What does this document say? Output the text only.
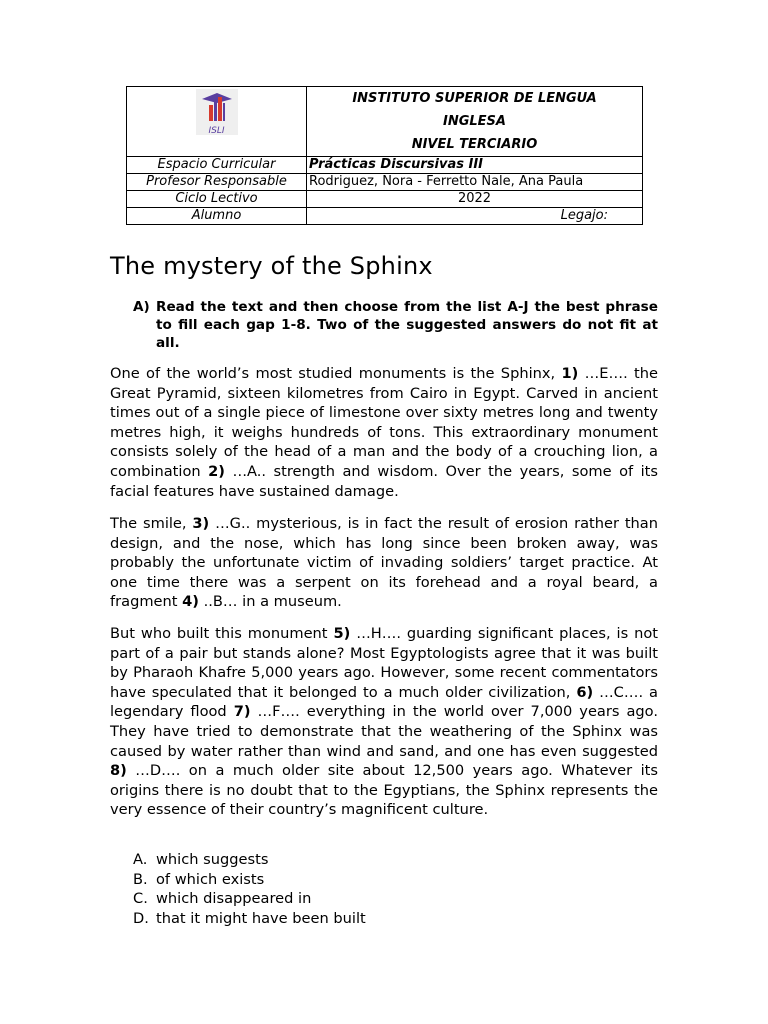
ISLI	INSTITUTO SUPERIOR DE LENGUA
INGLESA
NIVEL TERCIARIO

Espacio Curricular	Prácticas Discursivas III
Profesor Responsable	Rodriguez, Nora - Ferretto Nale, Ana Paula
Ciclo Lectivo	2022
Alumno	Legajo:
The mystery of the Sphinx
A) Read the text and then choose from the list A-J the best phrase to fill each gap 1-8. Two of the suggested answers do not fit at all.

One of the world’s most studied monuments is the Sphinx, 1) …E…. the Great Pyramid, sixteen kilometres from Cairo in Egypt. Carved in ancient times out of a single piece of limestone over sixty metres long and twenty metres high, it weighs hundreds of tons. This extraordinary monument consists solely of the head of a man and the body of a crouching lion, a combination 2) …A.. strength and wisdom. Over the years, some of its facial features have sustained damage.

The smile, 3) …G.. mysterious, is in fact the result of erosion rather than design, and the nose, which has long since been broken away, was probably the unfortunate victim of invading soldiers’ target practice. At one time there was a serpent on its forehead and a royal beard, a fragment 4) ..B… in a museum.

But who built this monument 5) …H…. guarding significant places, is not part of a pair but stands alone? Most Egyptologists agree that it was built by Pharaoh Khafre 5,000 years ago. However, some recent commentators have speculated that it belonged to a much older civilization, 6) …C…. a legendary flood 7) …F…. everything in the world over 7,000 years ago. They have tried to demonstrate that the weathering of the Sphinx was caused by water rather than wind and sand, and one has even suggested 8) …D…. on a much older site about 12,500 years ago. Whatever its origins there is no doubt that to the Egyptians, the Sphinx represents the very essence of their country’s magnificent culture.

A. which suggests
B. of which exists
C. which disappeared in
D. that it might have been built
